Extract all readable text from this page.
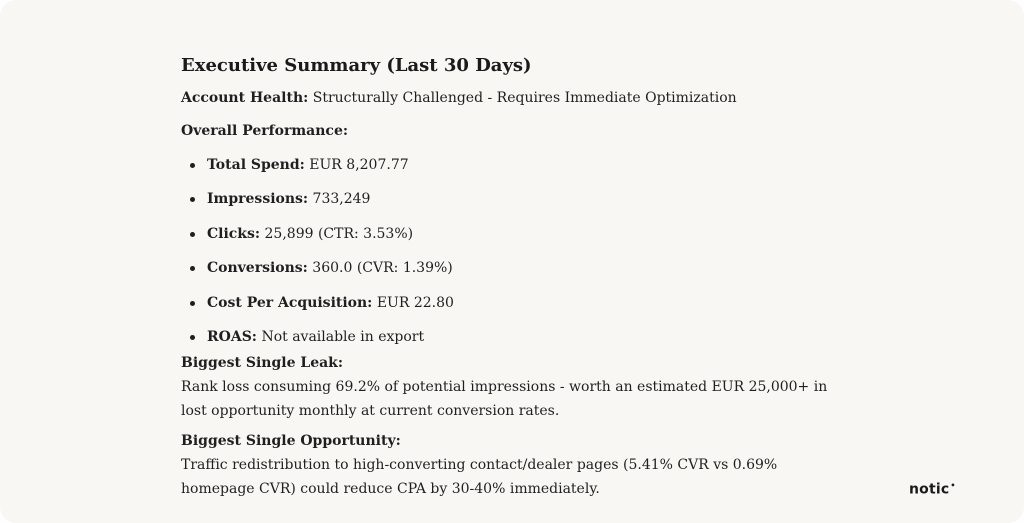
Executive Summary (Last 30 Days)
Account Health: Structurally Challenged - Requires Immediate Optimization
Overall Performance:
Total Spend: EUR 8,207.77
Impressions: 733,249
Clicks: 25,899 (CTR: 3.53%)
Conversions: 360.0 (CVR: 1.39%)
Cost Per Acquisition: EUR 22.80
ROAS: Not available in export
Biggest Single Leak:
Rank loss consuming 69.2% of potential impressions - worth an estimated EUR 25,000+ in lost opportunity monthly at current conversion rates.
Biggest Single Opportunity:
Traffic redistribution to high-converting contact/dealer pages (5.41% CVR vs 0.69% homepage CVR) could reduce CPA by 30-40% immediately.	notic•
